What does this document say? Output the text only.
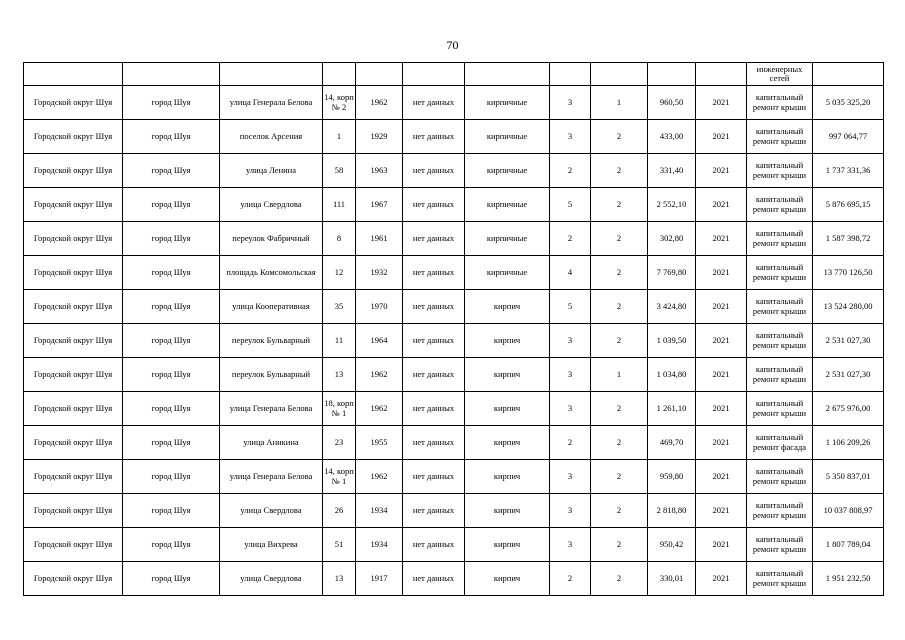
70
											инженерных сетей	
Городской округ Шуя	город Шуя	улица Генерала Белова	14, корп № 2	1962	нет данных	кирпичные	3	1	960,50	2021	капитальный ремонт крыши	5 035 325,20
Городской округ Шуя	город Шуя	поселок Арсения	1	1929	нет данных	кирпичные	3	2	433,00	2021	капитальный ремонт крыши	997 064,77
Городской округ Шуя	город Шуя	улица Ленина	58	1963	нет данных	кирпичные	2	2	331,40	2021	капитальный ремонт крыши	1 737 331,36
Городской округ Шуя	город Шуя	улица Свердлова	111	1967	нет данных	кирпичные	5	2	2 552,10	2021	капитальный ремонт крыши	5 876 695,15
Городской округ Шуя	город Шуя	переулок Фабричный	8	1961	нет данных	кирпичные	2	2	302,80	2021	капитальный ремонт крыши	1 587 398,72
Городской округ Шуя	город Шуя	площадь Комсомольская	12	1932	нет данных	кирпичные	4	2	7 769,80	2021	капитальный ремонт крыши	13 770 126,50
Городской округ Шуя	город Шуя	улица Кооперативная	35	1970	нет данных	кирпич	5	2	3 424,80	2021	капитальный ремонт крыши	13 524 280,00
Городской округ Шуя	город Шуя	переулок Бульварный	11	1964	нет данных	кирпич	3	2	1 039,50	2021	капитальный ремонт крыши	2 531 027,30
Городской округ Шуя	город Шуя	переулок Бульварный	13	1962	нет данных	кирпич	3	1	1 034,80	2021	капитальный ремонт крыши	2 531 027,30
Городской округ Шуя	город Шуя	улица Генерала Белова	18, корп № 1	1962	нет данных	кирпич	3	2	1 261,10	2021	капитальный ремонт крыши	2 675 976,00
Городской округ Шуя	город Шуя	улица Аникина	23	1955	нет данных	кирпич	2	2	469,70	2021	капитальный ремонт фасада	1 106 209,26
Городской округ Шуя	город Шуя	улица Генерала Белова	14, корп № 1	1962	нет данных	кирпич	3	2	959,80	2021	капитальный ремонт крыши	5 350 837,01
Городской округ Шуя	город Шуя	улица Свердлова	26	1934	нет данных	кирпич	3	2	2 818,80	2021	капитальный ремонт крыши	10 037 808,97
Городской округ Шуя	город Шуя	улица Вихрева	51	1934	нет данных	кирпич	3	2	950,42	2021	капитальный ремонт крыши	1 807 789,04
Городской округ Шуя	город Шуя	улица Свердлова	13	1917	нет данных	кирпич	2	2	330,01	2021	капитальный ремонт крыши	1 951 232,50
